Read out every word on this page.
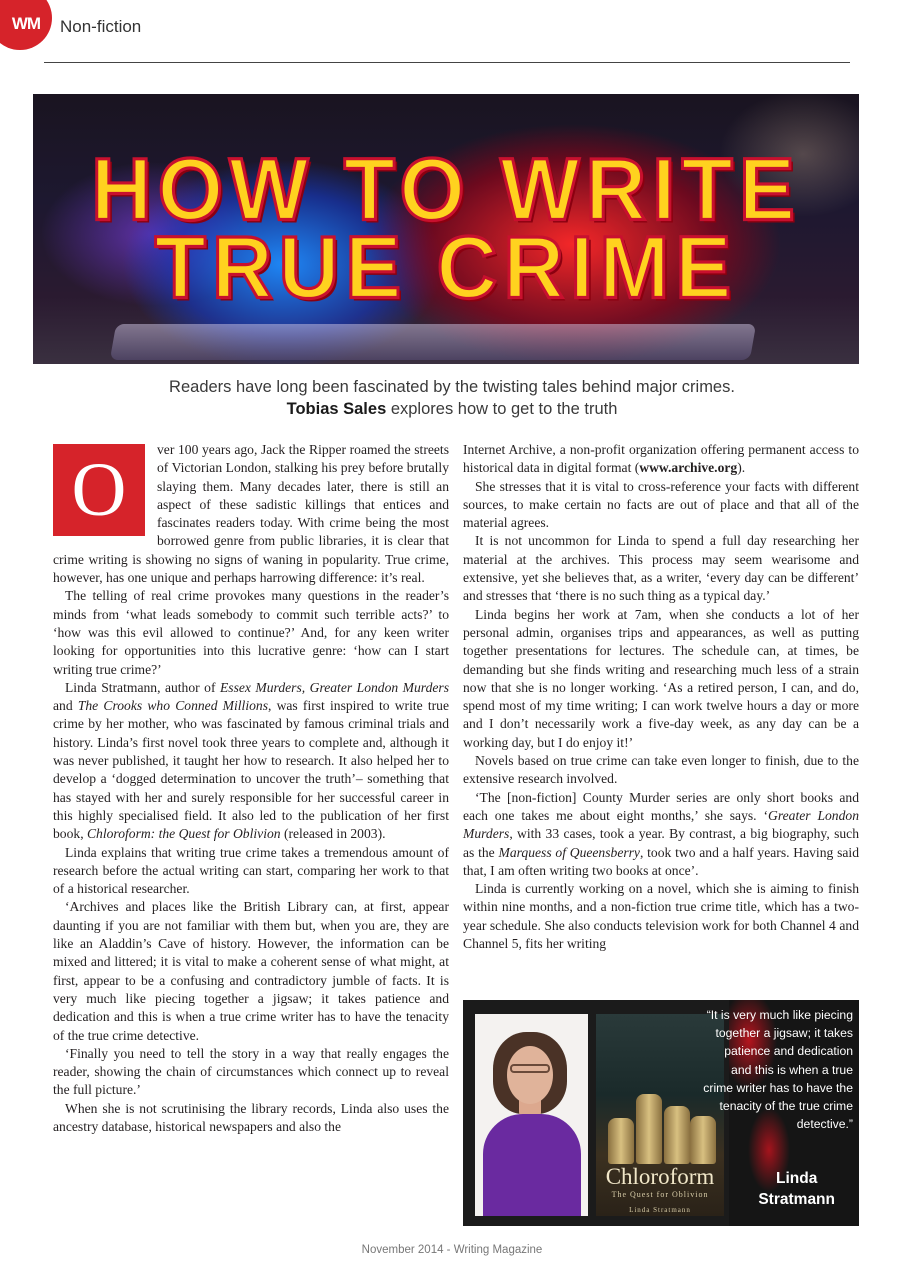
WM Non-fiction
HOW TO WRITE
TRUE CRIME
Readers have long been fascinated by the twisting tales behind major crimes.
Tobias Sales explores how to get to the truth

O	ver 100 years ago, Jack the Ripper roamed the streets of Victorian London, stalking his prey before brutally slaying them. Many decades later, there is still an aspect of these sadistic killings that entices and fascinates readers today. With crime being the most borrowed genre from public libraries, it is clear that crime writing is showing no signs of waning in popularity. True crime, however, has one unique and perhaps harrowing difference: it’s real.

The telling of real crime provokes many questions in the reader’s minds from ‘what leads somebody to commit such terrible acts?’ to ‘how was this evil allowed to continue?’ And, for any keen writer looking for opportunities into this lucrative genre: ‘how can I start writing true crime?’

Linda Stratmann, author of Essex Murders, Greater London Murders and The Crooks who Conned Millions, was first inspired to write true crime by her mother, who was fascinated by famous criminal trials and history. Linda’s first novel took three years to complete and, although it was never published, it taught her how to research. It also helped her to develop a ‘dogged determination to uncover the truth’– something that has stayed with her and surely responsible for her successful career in this highly specialised field. It also led to the publication of her first book, Chloroform: the Quest for Oblivion (released in 2003).

Linda explains that writing true crime takes a tremendous amount of research before the actual writing can start, comparing her work to that of a historical researcher.

‘Archives and places like the British Library can, at first, appear daunting if you are not familiar with them but, when you are, they are like an Aladdin’s Cave of history. However, the information can be mixed and littered; it is vital to make a coherent sense of what might, at first, appear to be a confusing and contradictory jumble of facts. It is very much like piecing together a jigsaw; it takes patience and dedication and this is when a true crime writer has to have the tenacity of the true crime detective.

‘Finally you need to tell the story in a way that really engages the reader, showing the chain of circumstances which connect up to reveal the full picture.’

When she is not scrutinising the library records, Linda also uses the ancestry database, historical newspapers and also the

Internet Archive, a non-profit organization offering permanent access to historical data in digital format (www.archive.org).

She stresses that it is vital to cross-reference your facts with different sources, to make certain no facts are out of place and that all of the material agrees.

It is not uncommon for Linda to spend a full day researching her material at the archives. This process may seem wearisome and extensive, yet she believes that, as a writer, ‘every day can be different’ and stresses that ‘there is no such thing as a typical day.’

Linda begins her work at 7am, when she conducts a lot of her personal admin, organises trips and appearances, as well as putting together presentations for lectures. The schedule can, at times, be demanding but she finds writing and researching much less of a strain now that she is no longer working. ‘As a retired person, I can, and do, spend most of my time writing; I can work twelve hours a day or more and I don’t necessarily work a five-day week, as any day can be a working day, but I do enjoy it!’

Novels based on true crime can take even longer to finish, due to the extensive research involved.

‘The [non-fiction] County Murder series are only short books and each one takes me about eight months,’ she says. ‘Greater London Murders, with 33 cases, took a year. By contrast, a big biography, such as the Marquess of Queensberry, took two and a half years. Having said that, I am often writing two books at once’.

Linda is currently working on a novel, which she is aiming to finish within nine months, and a non-fiction true crime title, which has a two-year schedule. She also conducts television work for both Channel 4 and Channel 5, fits her writing

Chloroform
The Quest for Oblivion
Linda Stratmann
“It is very much like piecing together a jigsaw; it takes patience and dedication and this is when a true crime writer has to have the tenacity of the true crime detective.”
Linda
Stratmann
November 2014 - Writing Magazine
